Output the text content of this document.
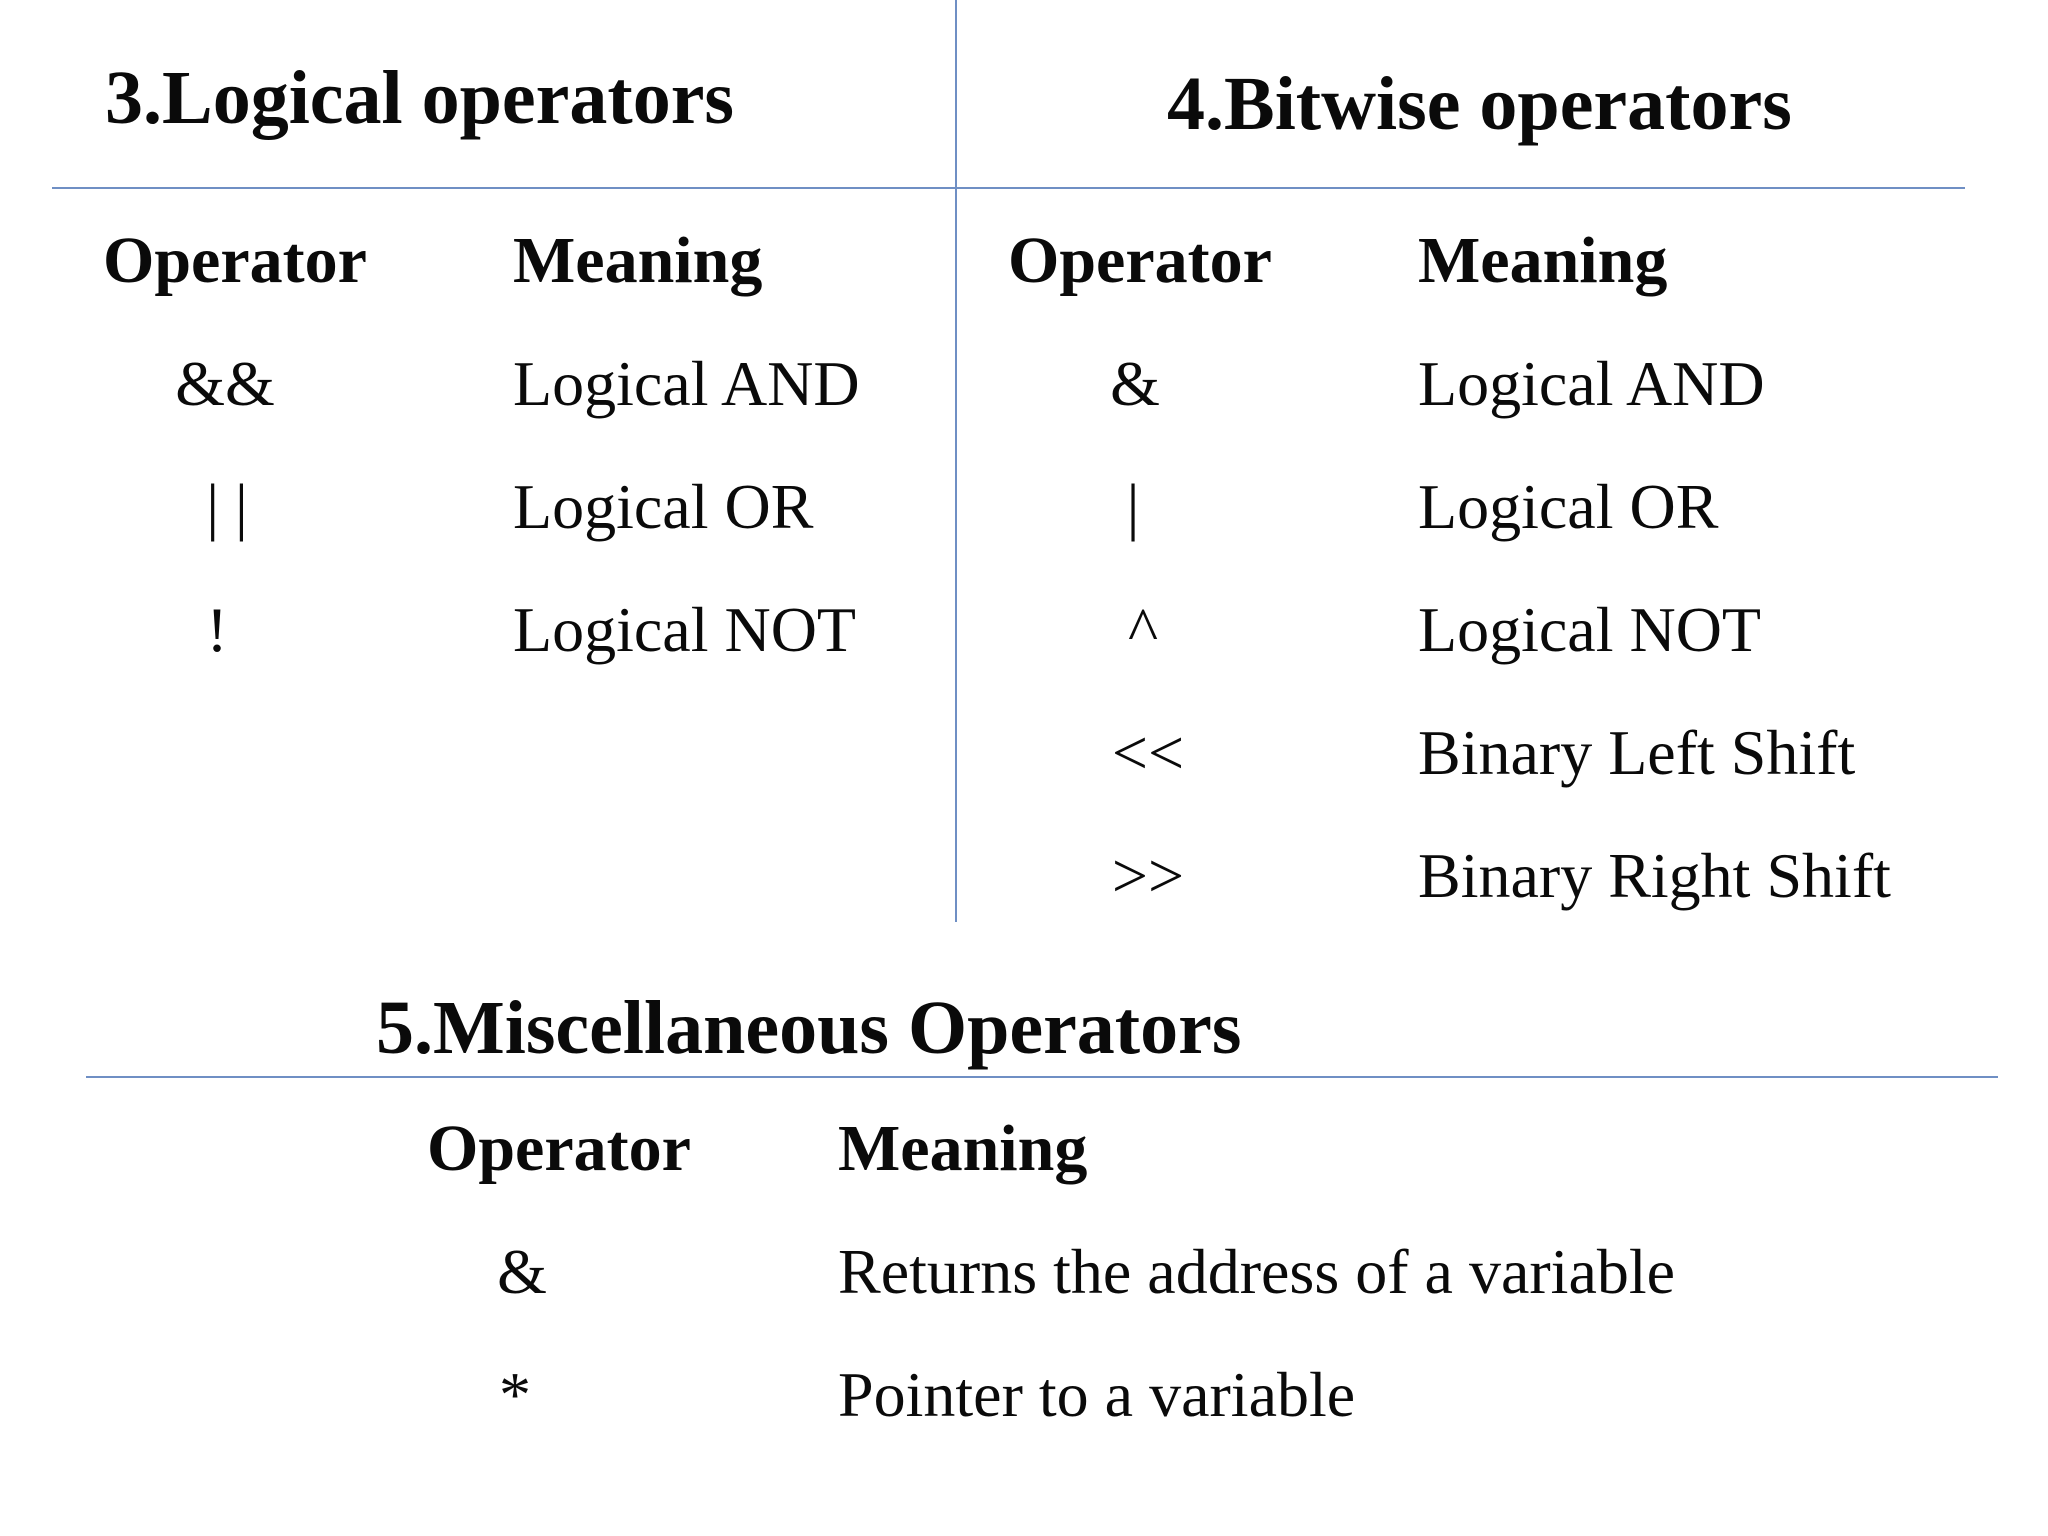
3.Logical operators
Operator Meaning
&&	Logical AND
| |	Logical OR
!	Logical NOT
4.Bitwise operators
Operator Meaning
&	Logical AND
|	Logical OR
^	Logical NOT
<<	Binary Left Shift
>>	Binary Right Shift
5.Miscellaneous Operators
Operator Meaning
&	Returns the address of a variable
*	Pointer to a variable
